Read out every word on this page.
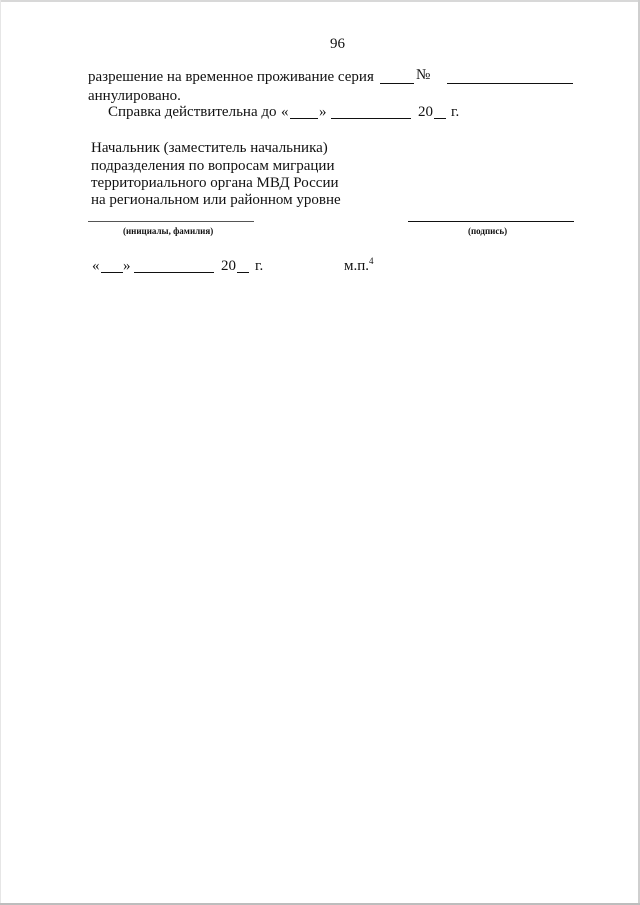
96
разрешение на временное проживание серия	№
аннулировано.
Справка действительна до « »	20 г.
Начальник (заместитель начальника)
подразделения по вопросам миграции
территориального органа МВД России
на региональном или районном уровне
(инициалы, фамилия)	(подпись)
« »	20 г.	м.п.$^4$
